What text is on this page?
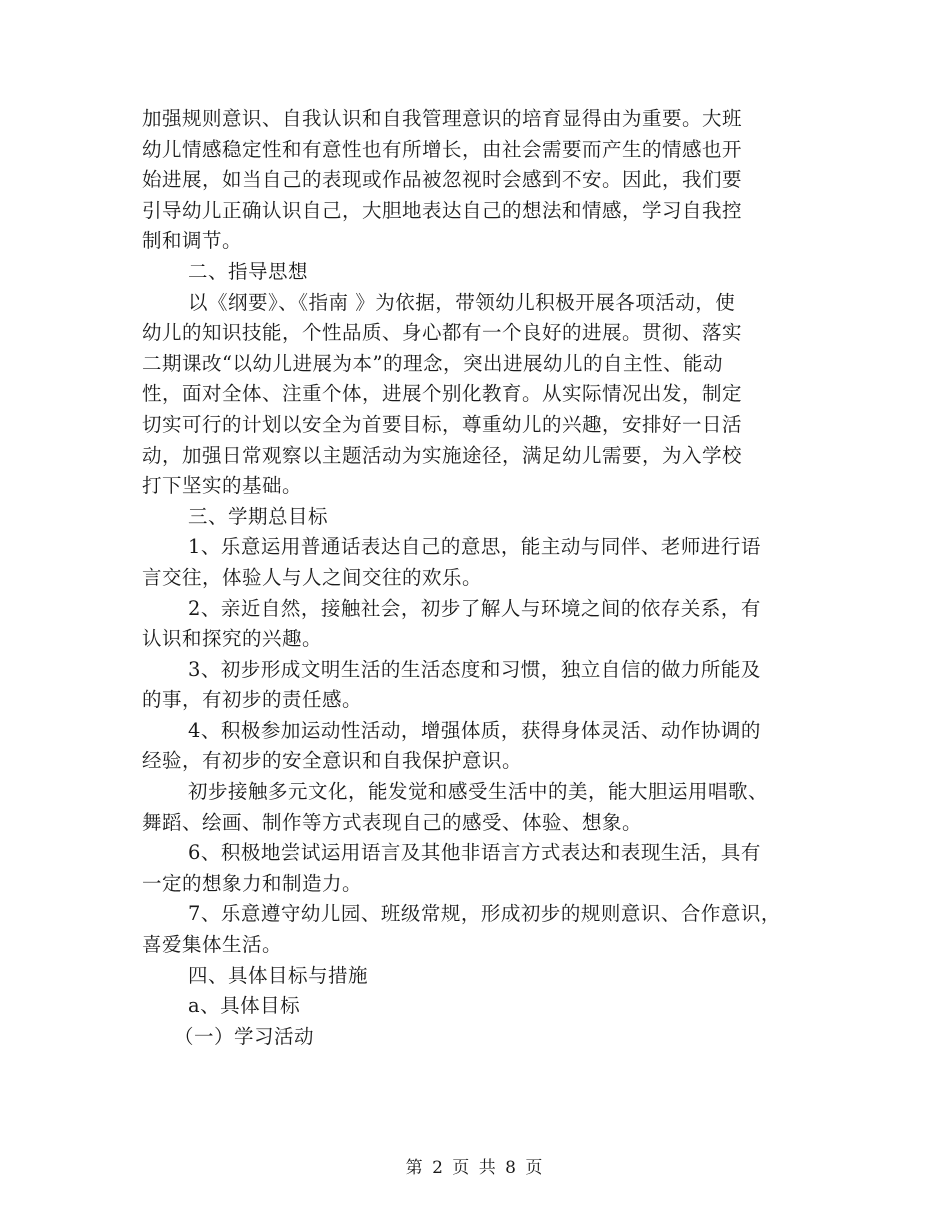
加强规则意识、自我认识和自我管理意识的培育显得由为重要。大班
幼儿情感稳定性和有意性也有所增长，由社会需要而产生的情感也开
始进展，如当自己的表现或作品被忽视时会感到不安。因此，我们要
引导幼儿正确认识自己，大胆地表达自己的想法和情感，学习自我控
制和调节。
二、指导思想
以《纲要》、《指南 》为依据，带领幼儿积极开展各项活动，使
幼儿的知识技能，个性品质、身心都有一个良好的进展。贯彻、落实
二期课改“以幼儿进展为本”的理念，突出进展幼儿的自主性、能动
性，面对全体、注重个体，进展个别化教育。从实际情况出发，制定
切实可行的计划以安全为首要目标，尊重幼儿的兴趣，安排好一日活
动，加强日常观察以主题活动为实施途径，满足幼儿需要，为入学校
打下坚实的基础。
三、学期总目标
1、乐意运用普通话表达自己的意思，能主动与同伴、老师进行语
言交往，体验人与人之间交往的欢乐。
2、亲近自然，接触社会，初步了解人与环境之间的依存关系，有
认识和探究的兴趣。
3、初步形成文明生活的生活态度和习惯，独立自信的做力所能及
的事，有初步的责任感。
4、积极参加运动性活动，增强体质，获得身体灵活、动作协调的
经验，有初步的安全意识和自我保护意识。
初步接触多元文化，能发觉和感受生活中的美，能大胆运用唱歌、
舞蹈、绘画、制作等方式表现自己的感受、体验、想象。
6、积极地尝试运用语言及其他非语言方式表达和表现生活，具有
一定的想象力和制造力。
7、乐意遵守幼儿园、班级常规，形成初步的规则意识、合作意识，
喜爱集体生活。
四、具体目标与措施
a、具体目标
（一）学习活动
第 2 页 共 8 页
